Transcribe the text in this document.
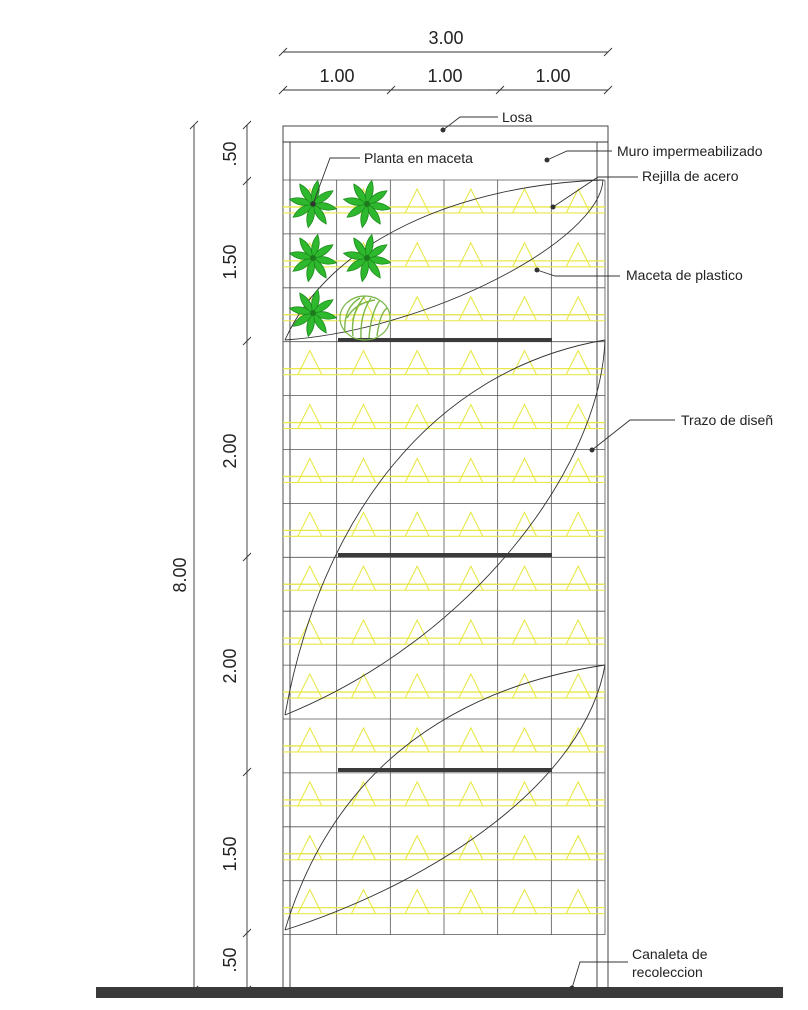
3.00
1.00	1.00	1.00
8.00
.50
1.50
2.00
2.00
1.50
.50
Losa
Muro impermeabilizado
Planta en maceta
Rejilla de acero
Maceta de plastico
Trazo de diseñ
Canaleta de
recoleccion
